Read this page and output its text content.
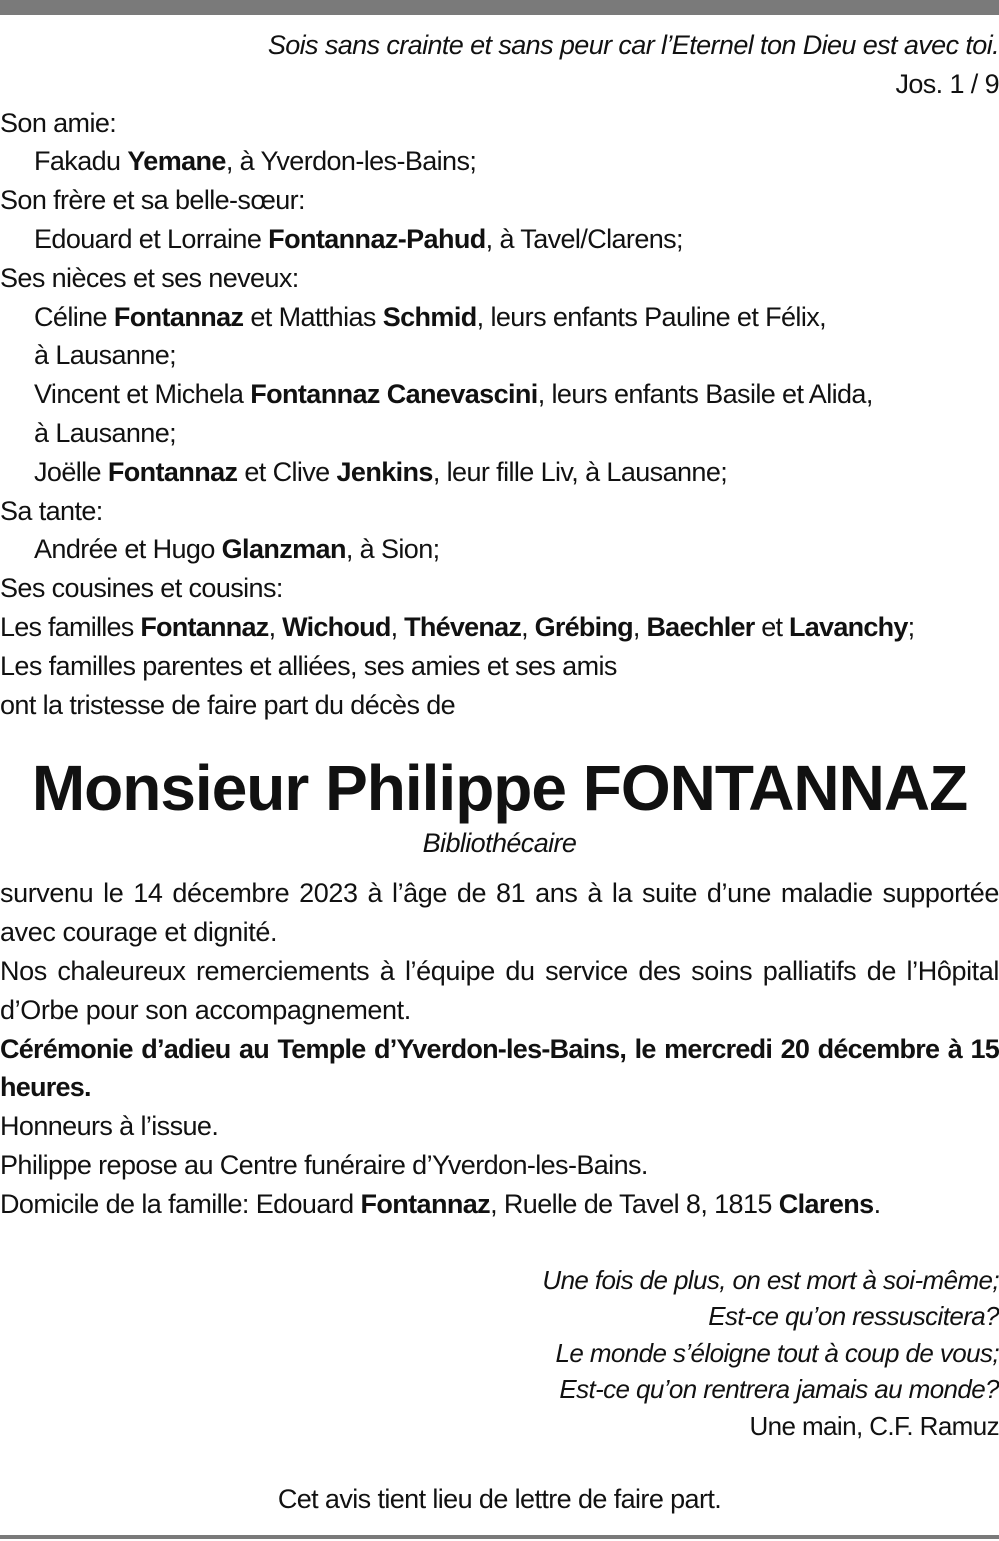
Sois sans crainte et sans peur car l’Eternel ton Dieu est avec toi.
Jos. 1 / 9
Son amie:
Fakadu Yemane, à Yverdon-les-Bains;
Son frère et sa belle-sœur:
Edouard et Lorraine Fontannaz-Pahud, à Tavel/Clarens;
Ses nièces et ses neveux:
Céline Fontannaz et Matthias Schmid, leurs enfants Pauline et Félix,
à Lausanne;
Vincent et Michela Fontannaz Canevascini, leurs enfants Basile et Alida,
à Lausanne;
Joëlle Fontannaz et Clive Jenkins, leur fille Liv, à Lausanne;
Sa tante:
Andrée et Hugo Glanzman, à Sion;
Ses cousines et cousins:
Les familles Fontannaz, Wichoud, Thévenaz, Grébing, Baechler et Lavanchy;
Les familles parentes et alliées, ses amies et ses amis
ont la tristesse de faire part du décès de
Monsieur Philippe FONTANNAZ
Bibliothécaire
survenu le 14 décembre 2023 à l’âge de 81 ans à la suite d’une maladie supportée avec courage et dignité.
Nos chaleureux remerciements à l’équipe du service des soins palliatifs de l’Hôpital d’Orbe pour son accompagnement.
Cérémonie d’adieu au Temple d’Yverdon-les-Bains, le mercredi 20 décembre à 15 heures.
Honneurs à l’issue.
Philippe repose au Centre funéraire d’Yverdon-les-Bains.
Domicile de la famille: Edouard Fontannaz, Ruelle de Tavel 8, 1815 Clarens.
Une fois de plus, on est mort à soi-même;
Est-ce qu’on ressuscitera?
Le monde s’éloigne tout à coup de vous;
Est-ce qu’on rentrera jamais au monde?
Une main, C.F. Ramuz
Cet avis tient lieu de lettre de faire part.
